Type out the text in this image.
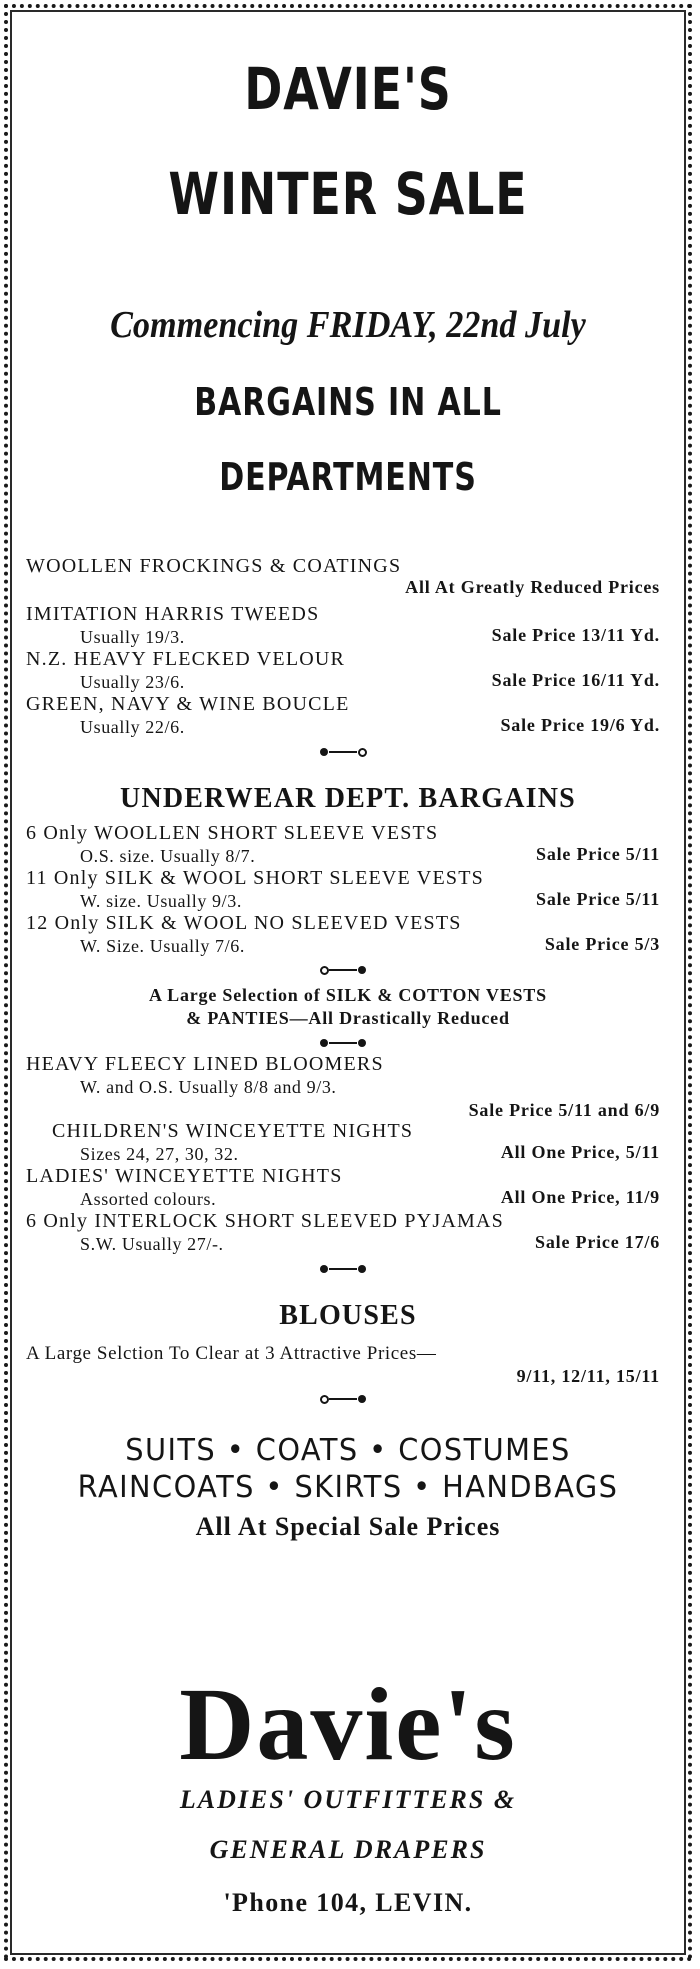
DAVIE'S

WINTER SALE

Commencing FRIDAY, 22nd July

BARGAINS IN ALL

DEPARTMENTS

WOOLLEN FROCKINGS & COATINGS

All At Greatly Reduced Prices

IMITATION HARRIS TWEEDS

Usually 19/3.	Sale Price 13/11 Yd.

N.Z. HEAVY FLECKED VELOUR

Usually 23/6.	Sale Price 16/11 Yd.

GREEN, NAVY & WINE BOUCLE

Usually 22/6.	Sale Price 19/6 Yd.

UNDERWEAR DEPT. BARGAINS

6 Only WOOLLEN SHORT SLEEVE VESTS

O.S. size. Usually 8/7.	Sale Price 5/11

11 Only SILK & WOOL SHORT SLEEVE VESTS

W. size. Usually 9/3.	Sale Price 5/11

12 Only SILK & WOOL NO SLEEVED VESTS

W. Size. Usually 7/6.	Sale Price 5/3

A Large Selection of SILK & COTTON VESTS

& PANTIES—All Drastically Reduced

HEAVY FLEECY LINED BLOOMERS

W. and O.S. Usually 8/8 and 9/3.

Sale Price 5/11 and 6/9

CHILDREN'S WINCEYETTE NIGHTS

Sizes 24, 27, 30, 32.	All One Price, 5/11

LADIES' WINCEYETTE NIGHTS

Assorted colours.	All One Price, 11/9

6 Only INTERLOCK SHORT SLEEVED PYJAMAS

S.W. Usually 27/-.	Sale Price 17/6

BLOUSES

A Large Selction To Clear at 3 Attractive Prices—

9/11, 12/11, 15/11

SUITS • COATS • COSTUMES

RAINCOATS • SKIRTS • HANDBAGS

All At Special Sale Prices

Davie's

LADIES' OUTFITTERS &

GENERAL DRAPERS

'Phone 104, LEVIN.
